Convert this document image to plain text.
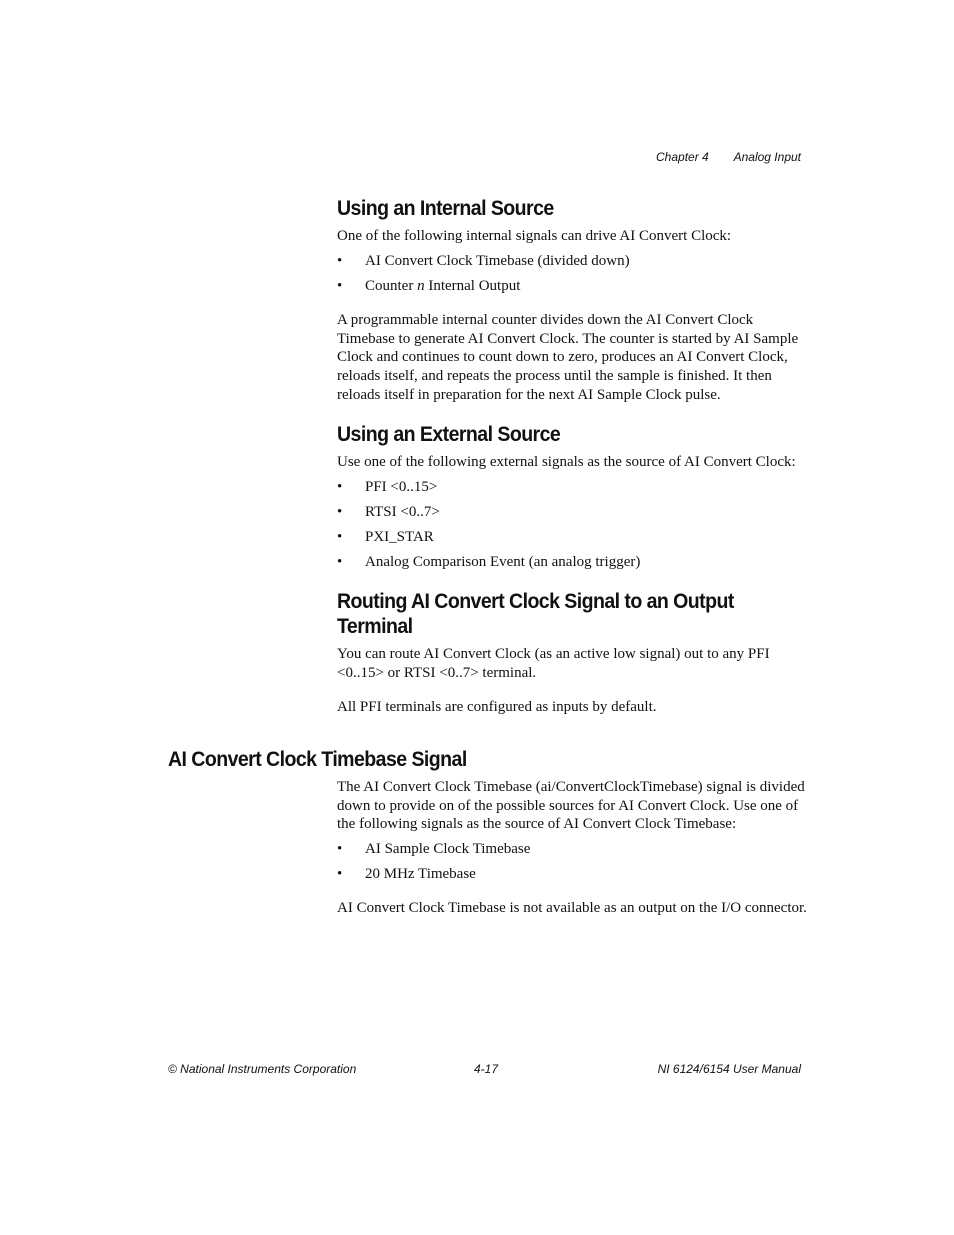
Chapter 4 Analog Input
Using an Internal Source

One of the following internal signals can drive AI Convert Clock:

• AI Convert Clock Timebase (divided down)
• Counter n Internal Output

A programmable internal counter divides down the AI Convert Clock Timebase to generate AI Convert Clock. The counter is started by AI Sample Clock and continues to count down to zero, produces an AI Convert Clock, reloads itself, and repeats the process until the sample is finished. It then reloads itself in preparation for the next AI Sample Clock pulse.

Using an External Source

Use one of the following external signals as the source of AI Convert Clock:

• PFI <0..15>
• RTSI <0..7>
• PXI_STAR
• Analog Comparison Event (an analog trigger)
Routing AI Convert Clock Signal to an Output Terminal

You can route AI Convert Clock (as an active low signal) out to any PFI <0..15> or RTSI <0..7> terminal.

All PFI terminals are configured as inputs by default.

AI Convert Clock Timebase Signal

The AI Convert Clock Timebase (ai/ConvertClockTimebase) signal is divided down to provide on of the possible sources for AI Convert Clock. Use one of the following signals as the source of AI Convert Clock Timebase:

• AI Sample Clock Timebase
• 20 MHz Timebase

AI Convert Clock Timebase is not available as an output on the I/O connector.

© National Instruments Corporation	4-17	NI 6124/6154 User Manual
